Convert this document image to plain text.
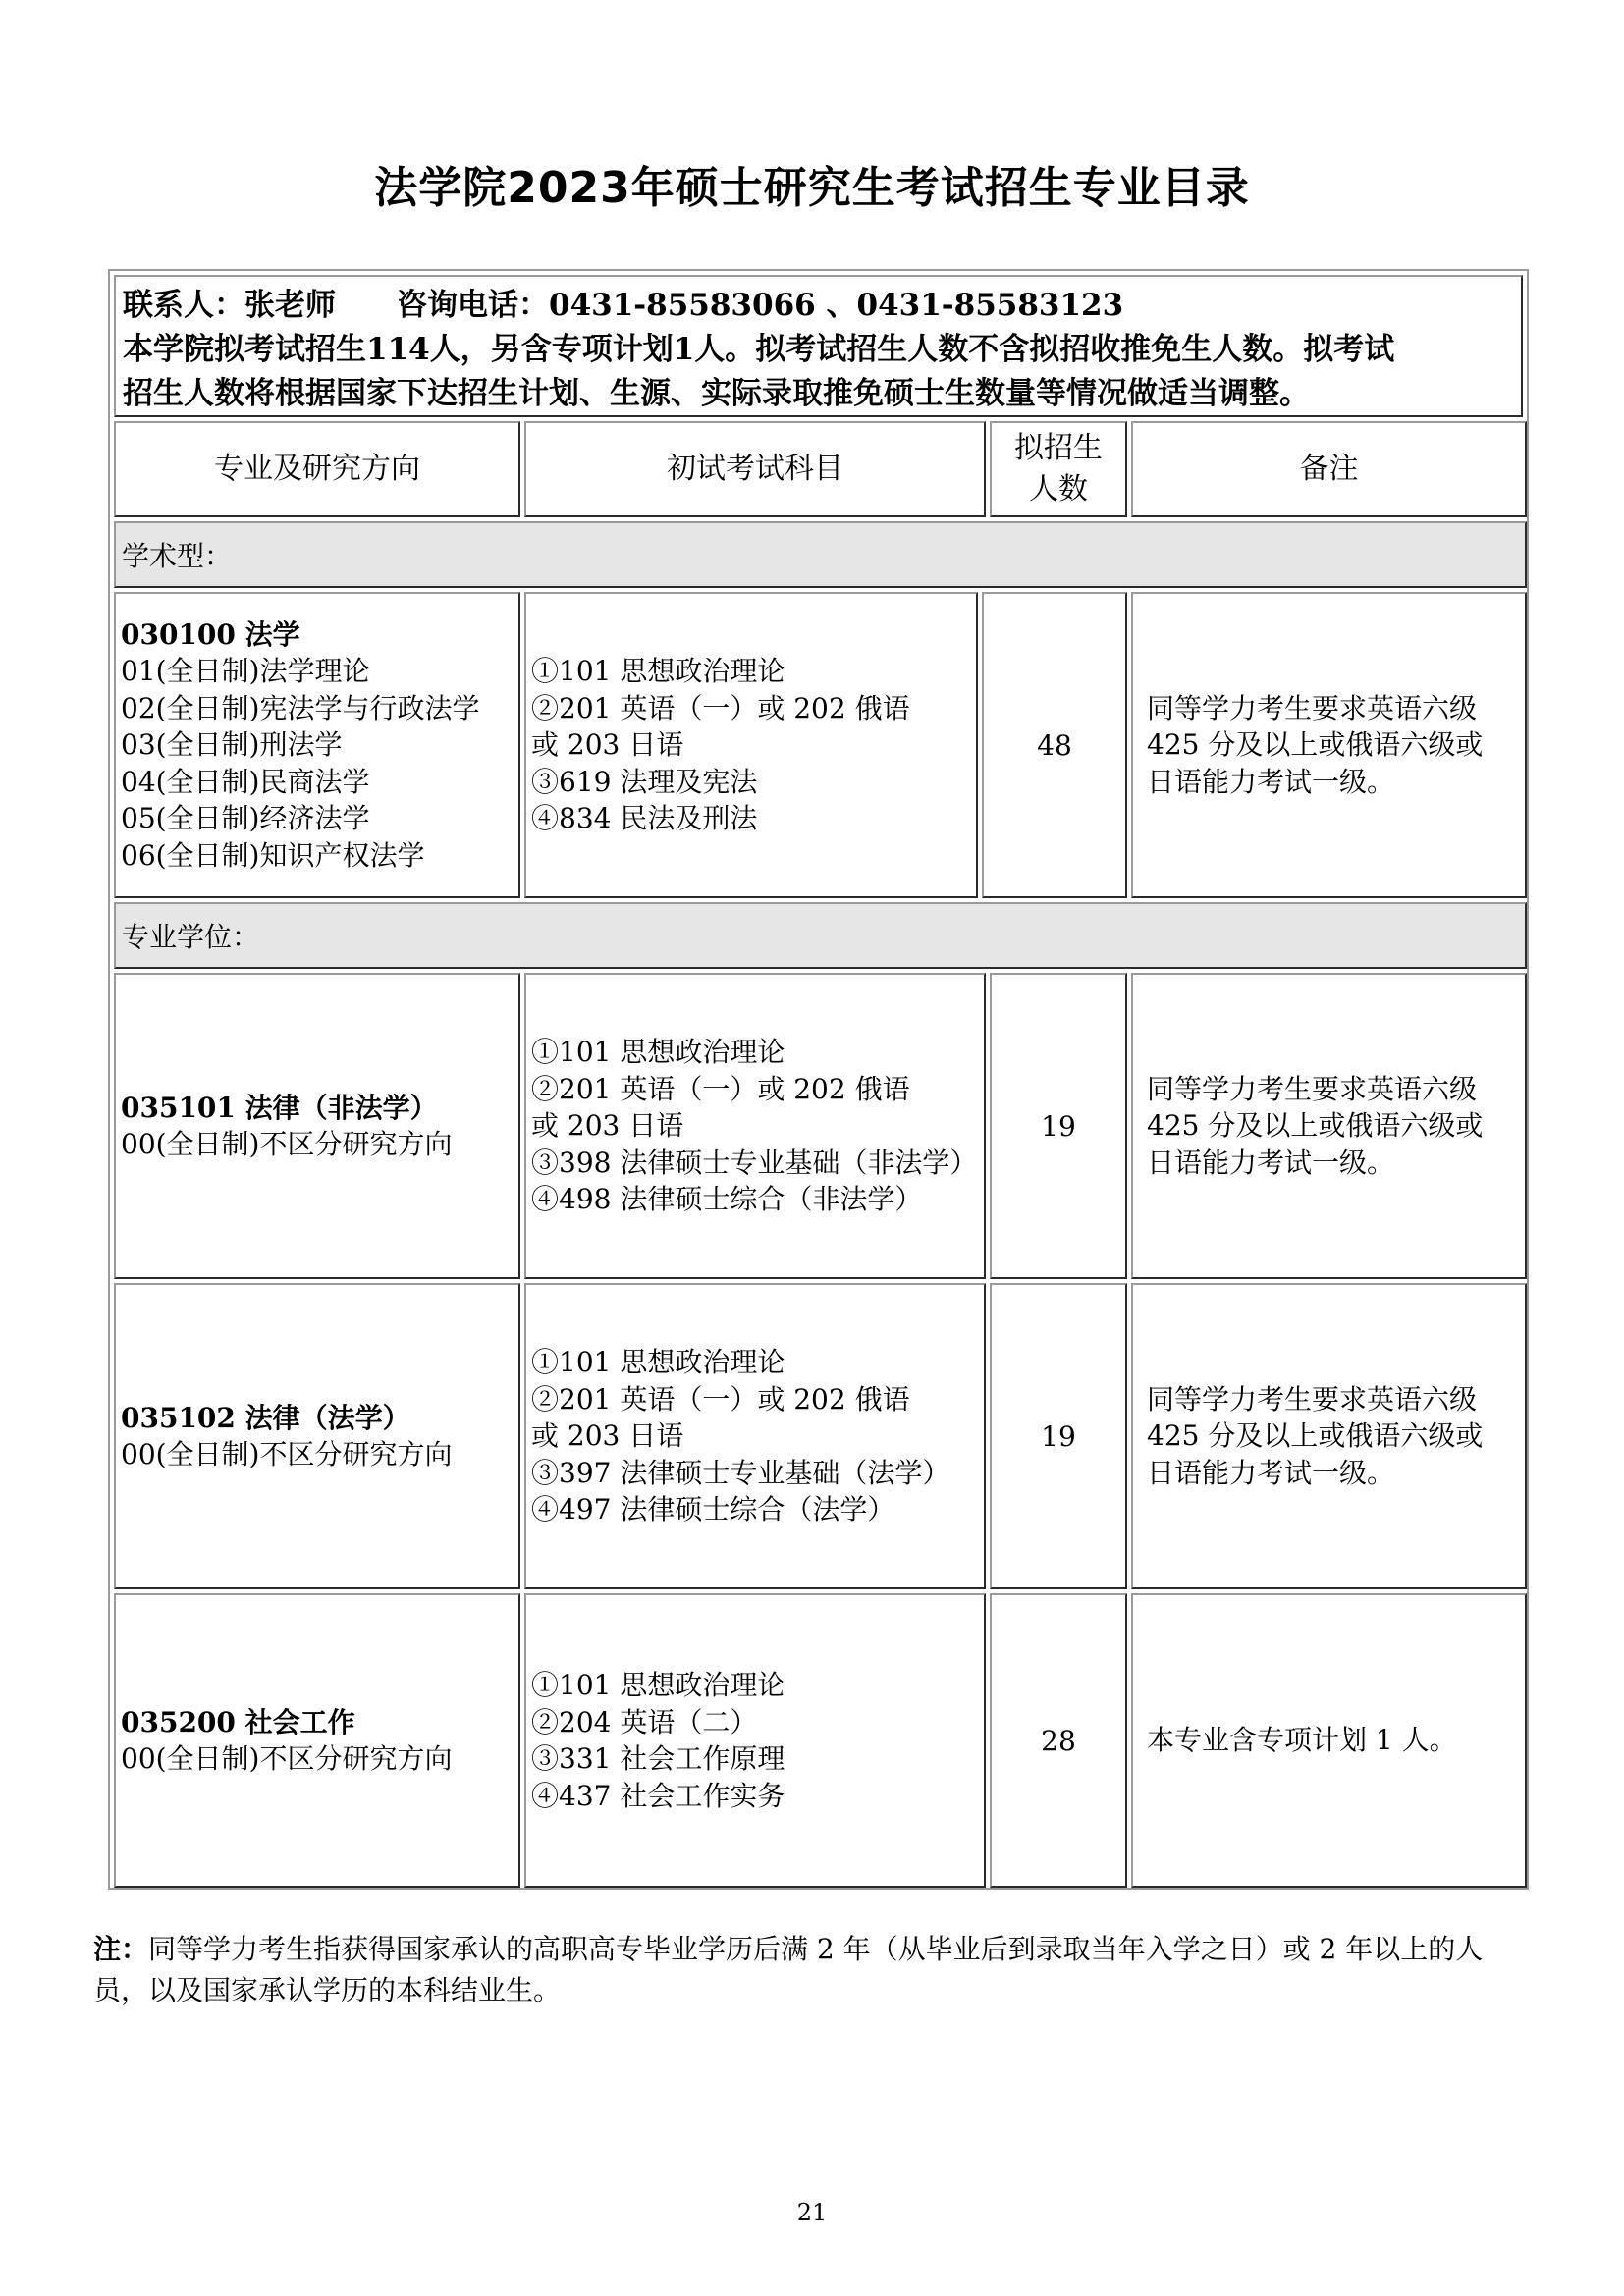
法学院2023年硕士研究生考试招生专业目录
联系人：张老师　　咨询电话：0431-85583066 、0431-85583123
本学院拟考试招生114人，另含专项计划1人。拟考试招生人数不含拟招收推免生人数。拟考试
招生人数将根据国家下达招生计划、生源、实际录取推免硕士生数量等情况做适当调整。
专业及研究方向	初试考试科目
拟招生
人数
备注
学术型：
030100 法学
01(全日制)法学理论
02(全日制)宪法学与行政法学
03(全日制)刑法学
04(全日制)民商法学
05(全日制)经济法学
06(全日制)知识产权法学
①101 思想政治理论
②201 英语（一）或 202 俄语
或 203 日语
③619 法理及宪法
④834 民法及刑法
48
同等学力考生要求英语六级
425 分及以上或俄语六级或
日语能力考试一级。
专业学位：
035101 法律（非法学）
00(全日制)不区分研究方向
①101 思想政治理论
②201 英语（一）或 202 俄语
或 203 日语
③398 法律硕士专业基础（非法学）
④498 法律硕士综合（非法学）
19
同等学力考生要求英语六级
425 分及以上或俄语六级或
日语能力考试一级。
035102 法律（法学）
00(全日制)不区分研究方向
①101 思想政治理论
②201 英语（一）或 202 俄语
或 203 日语
③397 法律硕士专业基础（法学）
④497 法律硕士综合（法学）
19
同等学力考生要求英语六级
425 分及以上或俄语六级或
日语能力考试一级。
035200 社会工作
00(全日制)不区分研究方向
①101 思想政治理论
②204 英语（二）
③331 社会工作原理
④437 社会工作实务
28	本专业含专项计划 1 人。
注：同等学力考生指获得国家承认的高职高专毕业学历后满 2 年（从毕业后到录取当年入学之日）或 2 年以上的人员，以及国家承认学历的本科结业生。
21
